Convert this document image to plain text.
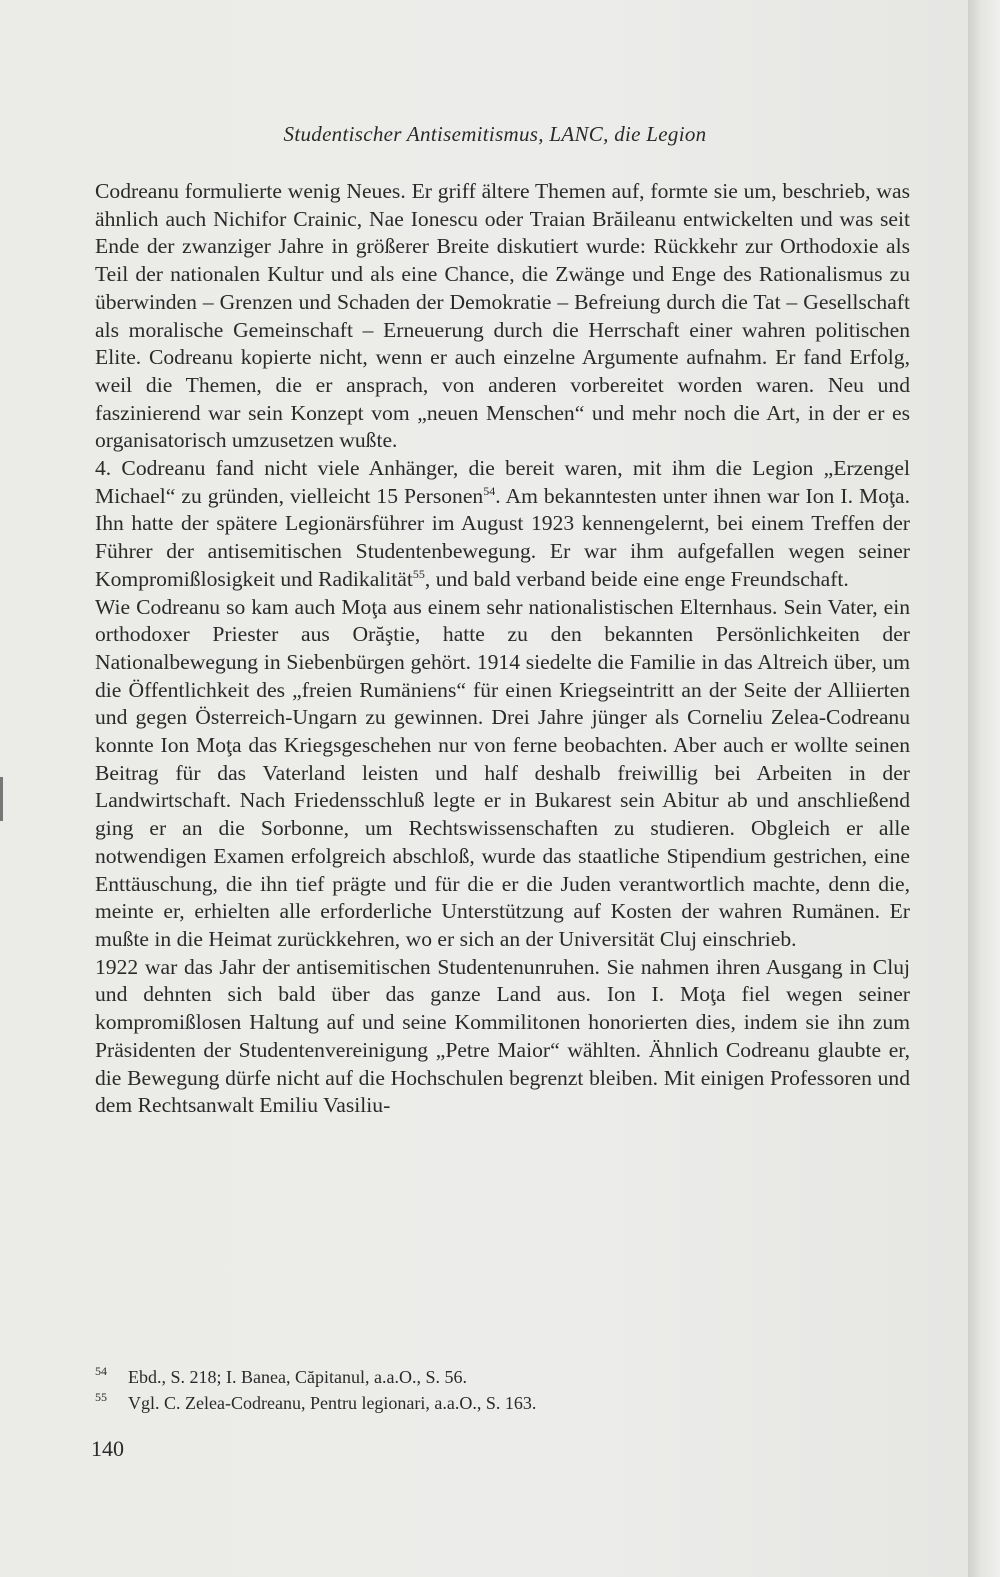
Studentischer Antisemitismus, LANC, die Legion

Codreanu formulierte wenig Neues. Er griff ältere Themen auf, formte sie um, beschrieb, was ähnlich auch Nichifor Crainic, Nae Ionescu oder Traian Brăileanu entwickelten und was seit Ende der zwanziger Jahre in größerer Breite diskutiert wurde: Rückkehr zur Orthodoxie als Teil der nationalen Kultur und als eine Chance, die Zwänge und Enge des Rationalismus zu überwinden – Grenzen und Schaden der Demokratie – Befreiung durch die Tat – Gesellschaft als moralische Gemeinschaft – Erneuerung durch die Herrschaft einer wahren politischen Elite. Codreanu kopierte nicht, wenn er auch einzelne Argumente aufnahm. Er fand Erfolg, weil die Themen, die er ansprach, von anderen vorbereitet worden waren. Neu und faszinierend war sein Konzept vom „neuen Menschen“ und mehr noch die Art, in der er es organisatorisch umzusetzen wußte.

4. Codreanu fand nicht viele Anhänger, die bereit waren, mit ihm die Legion „Erzengel Michael“ zu gründen, vielleicht 15 Personen$^{54}$. Am bekanntesten unter ihnen war Ion I. Moţa. Ihn hatte der spätere Legionärsführer im August 1923 kennengelernt, bei einem Treffen der Führer der antisemitischen Studentenbewegung. Er war ihm aufgefallen wegen seiner Kompromißlosigkeit und Radikalität$^{55}$, und bald verband beide eine enge Freundschaft.

Wie Codreanu so kam auch Moţa aus einem sehr nationalistischen Elternhaus. Sein Vater, ein orthodoxer Priester aus Orăştie, hatte zu den bekannten Persönlichkeiten der Nationalbewegung in Siebenbürgen gehört. 1914 siedelte die Familie in das Altreich über, um die Öffentlichkeit des „freien Rumäniens“ für einen Kriegseintritt an der Seite der Alliierten und gegen Österreich-Ungarn zu gewinnen. Drei Jahre jünger als Corneliu Zelea-Codreanu konnte Ion Moţa das Kriegsgeschehen nur von ferne beobachten. Aber auch er wollte seinen Beitrag für das Vaterland leisten und half deshalb freiwillig bei Arbeiten in der Landwirtschaft. Nach Friedensschluß legte er in Bukarest sein Abitur ab und anschließend ging er an die Sorbonne, um Rechtswissenschaften zu studieren. Obgleich er alle notwendigen Examen erfolgreich abschloß, wurde das staatliche Stipendium gestrichen, eine Enttäuschung, die ihn tief prägte und für die er die Juden verantwortlich machte, denn die, meinte er, erhielten alle erforderliche Unterstützung auf Kosten der wahren Rumänen. Er mußte in die Heimat zurückkehren, wo er sich an der Universität Cluj einschrieb.

1922 war das Jahr der antisemitischen Studentenunruhen. Sie nahmen ihren Ausgang in Cluj und dehnten sich bald über das ganze Land aus. Ion I. Moţa fiel wegen seiner kompromißlosen Haltung auf und seine Kommilitonen honorierten dies, indem sie ihn zum Präsidenten der Studentenvereinigung „Petre Maior“ wählten. Ähnlich Codreanu glaubte er, die Bewegung dürfe nicht auf die Hochschulen begrenzt bleiben. Mit einigen Professoren und dem Rechtsanwalt Emiliu Vasiliu-

54	Ebd., S. 218; I. Banea, Căpitanul, a.a.O., S. 56.

55	Vgl. C. Zelea-Codreanu, Pentru legionari, a.a.O., S. 163.

140
